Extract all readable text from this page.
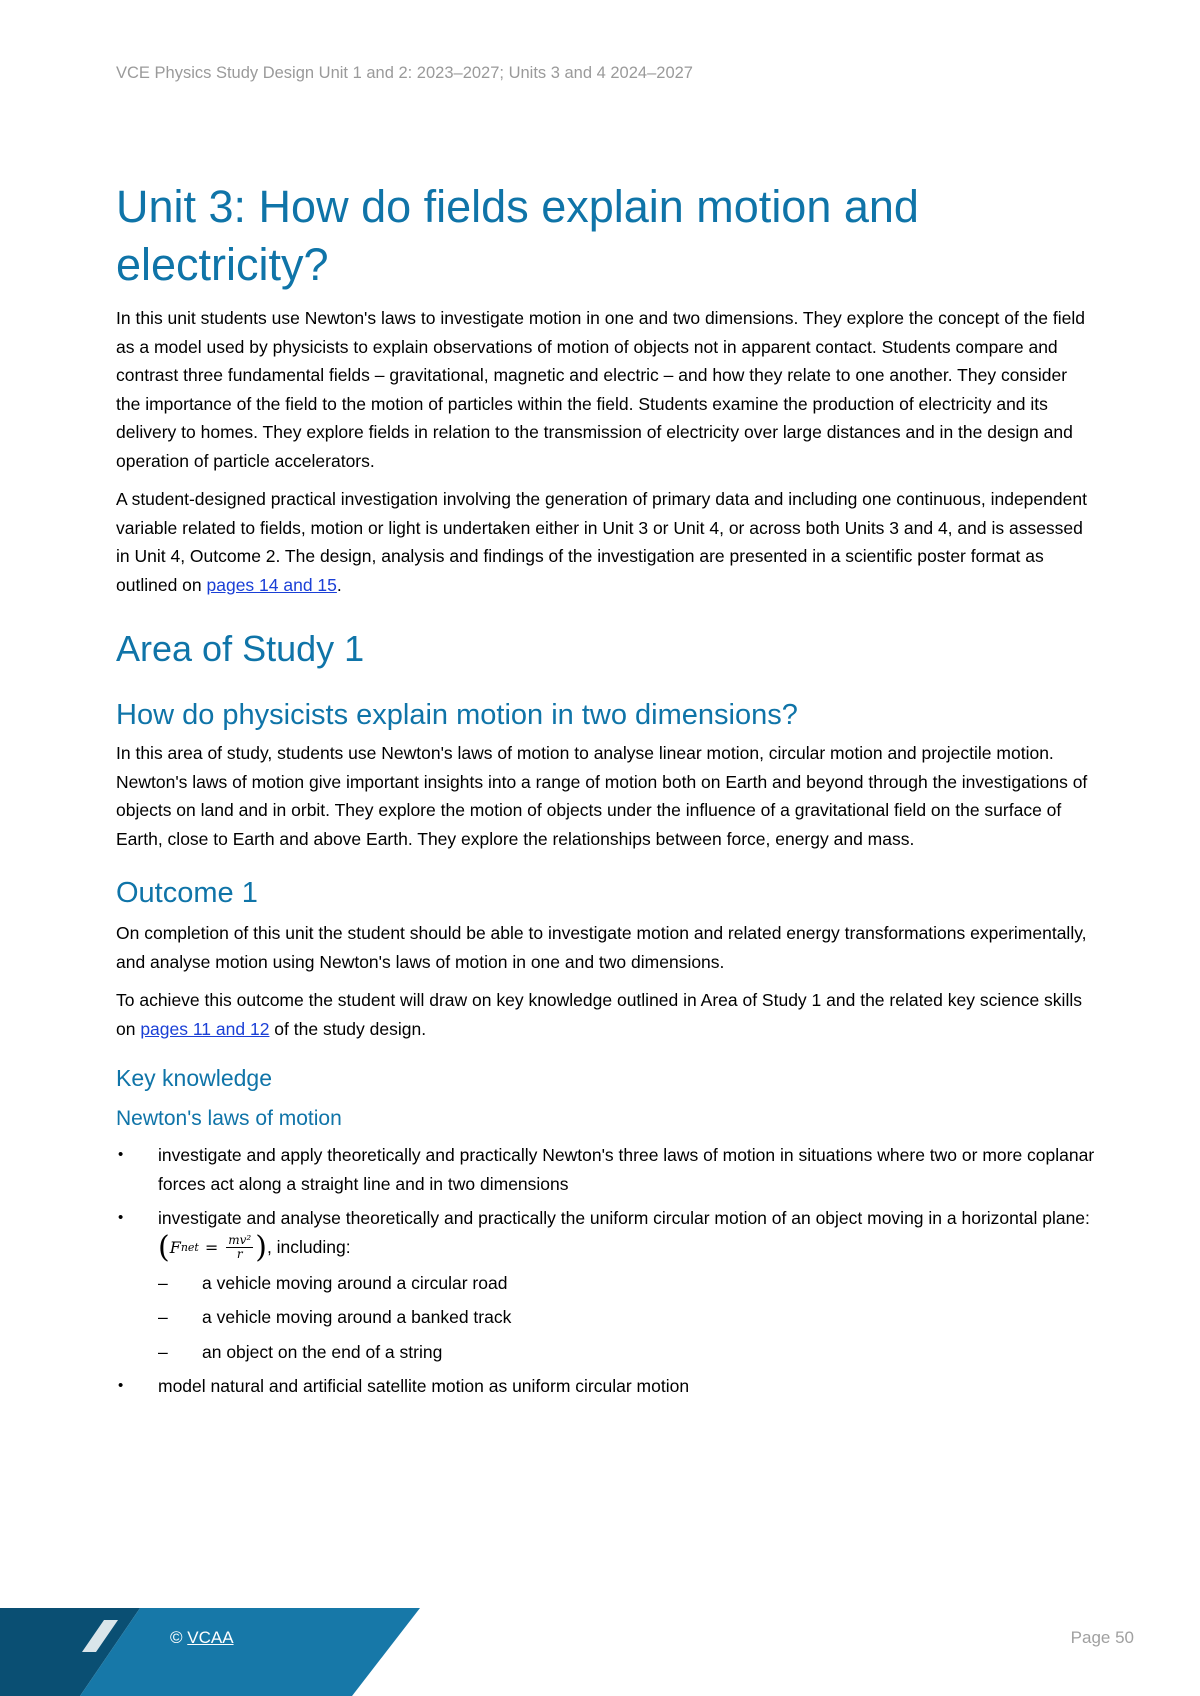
VCE Physics Study Design Unit 1 and 2: 2023–2027; Units 3 and 4 2024–2027
Unit 3: How do fields explain motion and electricity?

In this unit students use Newton's laws to investigate motion in one and two dimensions. They explore the concept of the field as a model used by physicists to explain observations of motion of objects not in apparent contact. Students compare and contrast three fundamental fields – gravitational, magnetic and electric – and how they relate to one another. They consider the importance of the field to the motion of particles within the field. Students examine the production of electricity and its delivery to homes. They explore fields in relation to the transmission of electricity over large distances and in the design and operation of particle accelerators.

A student-designed practical investigation involving the generation of primary data and including one continuous, independent variable related to fields, motion or light is undertaken either in Unit 3 or Unit 4, or across both Units 3 and 4, and is assessed in Unit 4, Outcome 2. The design, analysis and findings of the investigation are presented in a scientific poster format as outlined on pages 14 and 15.

Area of Study 1
How do physicists explain motion in two dimensions?

In this area of study, students use Newton's laws of motion to analyse linear motion, circular motion and projectile motion. Newton's laws of motion give important insights into a range of motion both on Earth and beyond through the investigations of objects on land and in orbit. They explore the motion of objects under the influence of a gravitational field on the surface of Earth, close to Earth and above Earth. They explore the relationships between force, energy and mass.

Outcome 1

On completion of this unit the student should be able to investigate motion and related energy transformations experimentally, and analyse motion using Newton's laws of motion in one and two dimensions.

To achieve this outcome the student will draw on key knowledge outlined in Area of Study 1 and the related key science skills on pages 11 and 12 of the study design.

Key knowledge
Newton's laws of motion
• investigate and apply theoretically and practically Newton's three laws of motion in situations where two or more coplanar forces act along a straight line and in two dimensions
• investigate and analyse theoretically and practically the uniform circular motion of an object moving in a horizontal plane:
( F net = $\frac{\text{mv²}}{r}$ ) , including:
– a vehicle moving around a circular road
– a vehicle moving around a banked track
– an object on the end of a string
• model natural and artificial satellite motion as uniform circular motion
© VCAA	Page 50
